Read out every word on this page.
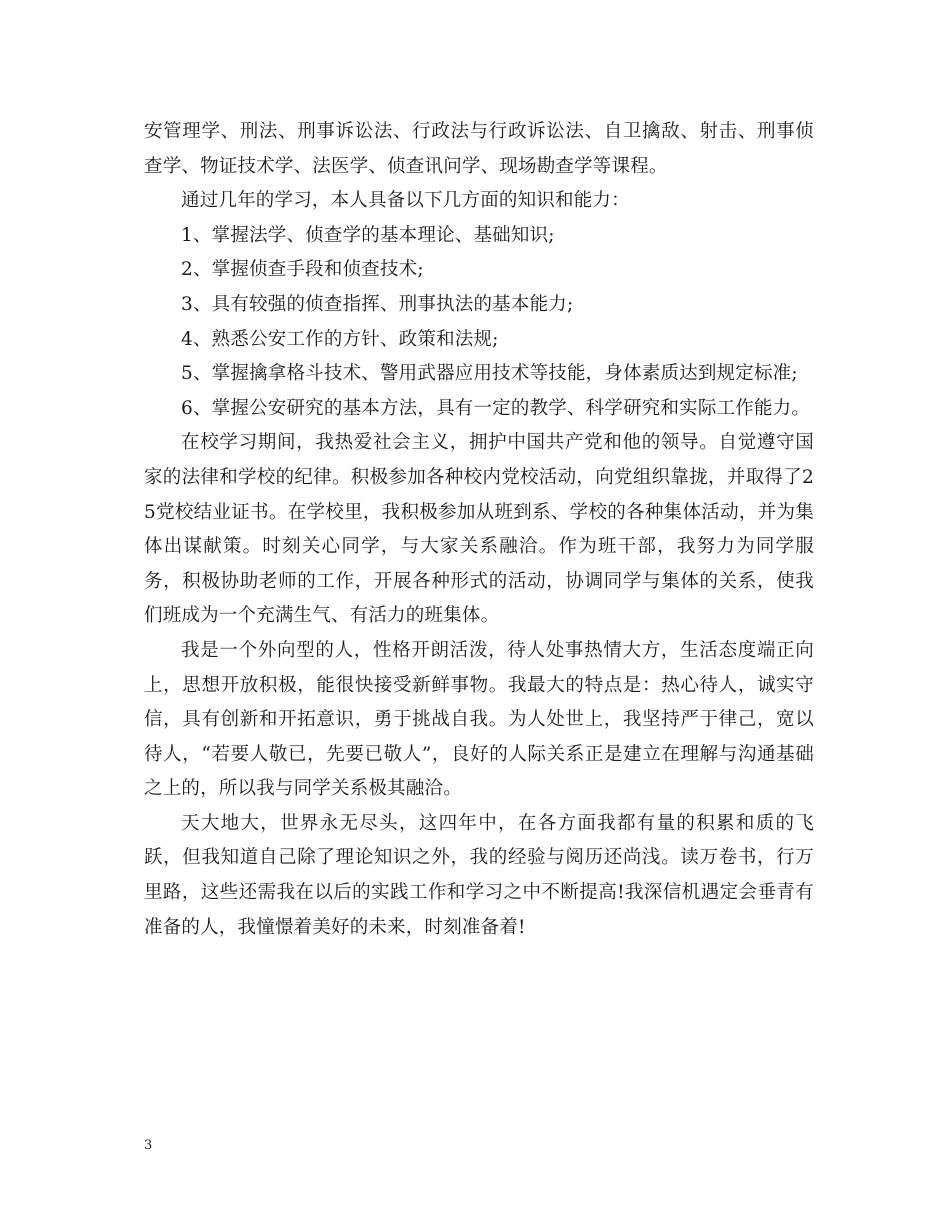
安管理学、刑法、刑事诉讼法、行政法与行政诉讼法、自卫擒敌、射击、刑事侦查学、物证技术学、法医学、侦查讯问学、现场勘查学等课程。

通过几年的学习，本人具备以下几方面的知识和能力：

1、掌握法学、侦查学的基本理论、基础知识;

2、掌握侦查手段和侦查技术;

3、具有较强的侦查指挥、刑事执法的基本能力;

4、熟悉公安工作的方针、政策和法规;

5、掌握擒拿格斗技术、警用武器应用技术等技能，身体素质达到规定标准;

6、掌握公安研究的基本方法，具有一定的教学、科学研究和实际工作能力。

在校学习期间，我热爱社会主义，拥护中国共产党和他的领导。自觉遵守国家的法律和学校的纪律。积极参加各种校内党校活动，向党组织靠拢，并取得了25党校结业证书。在学校里，我积极参加从班到系、学校的各种集体活动，并为集体出谋献策。时刻关心同学，与大家关系融洽。作为班干部，我努力为同学服务，积极协助老师的工作，开展各种形式的活动，协调同学与集体的关系，使我们班成为一个充满生气、有活力的班集体。

我是一个外向型的人，性格开朗活泼，待人处事热情大方，生活态度端正向上，思想开放积极，能很快接受新鲜事物。我最大的特点是：热心待人，诚实守信，具有创新和开拓意识，勇于挑战自我。为人处世上，我坚持严于律己，宽以待人，“若要人敬已，先要已敬人”，良好的人际关系正是建立在理解与沟通基础之上的，所以我与同学关系极其融洽。

天大地大，世界永无尽头，这四年中，在各方面我都有量的积累和质的飞跃，但我知道自己除了理论知识之外，我的经验与阅历还尚浅。读万卷书，行万里路，这些还需我在以后的实践工作和学习之中不断提高!我深信机遇定会垂青有准备的人，我憧憬着美好的未来，时刻准备着!

3
